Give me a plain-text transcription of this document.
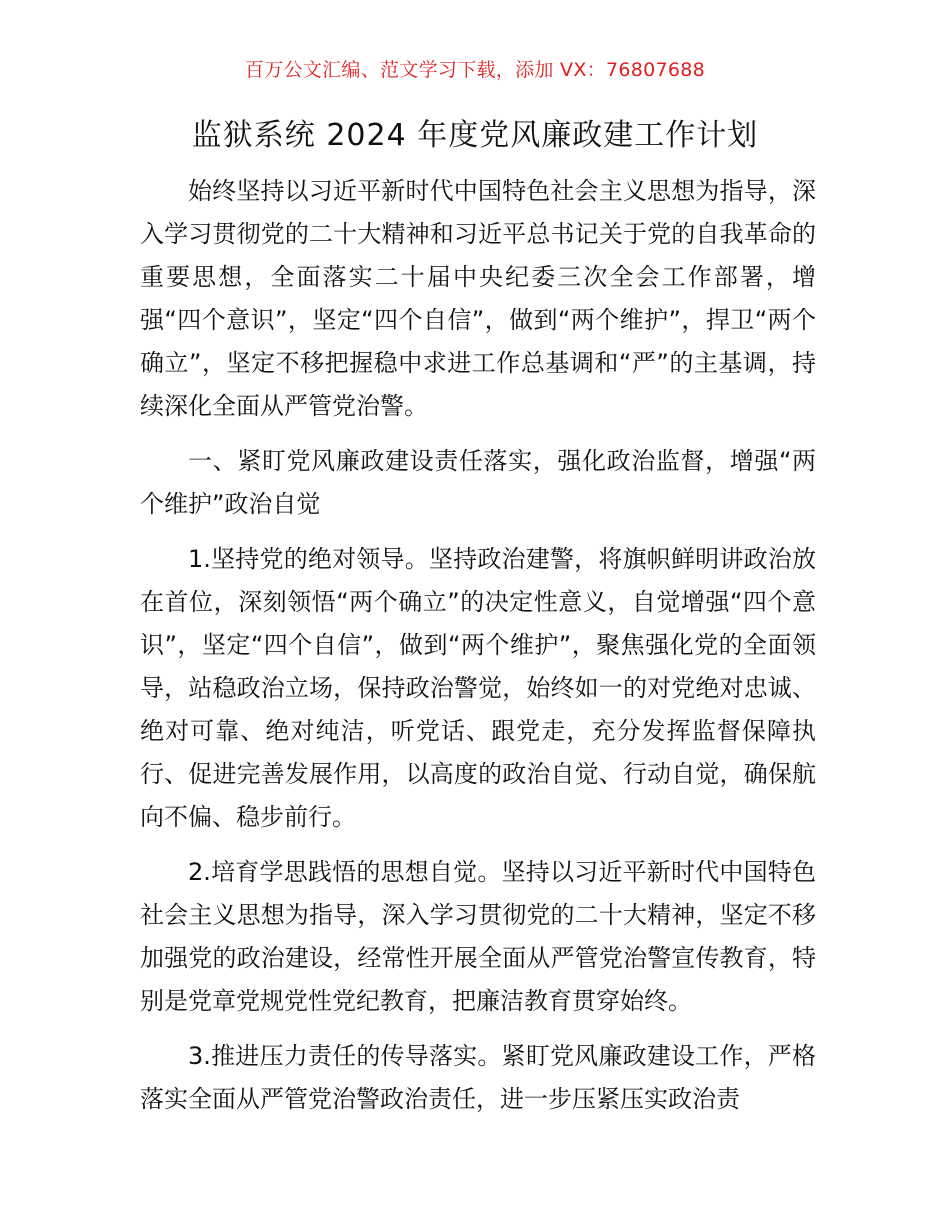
百万公文汇编、范文学习下载，添加 VX：76807688
监狱系统 2024 年度党风廉政建工作计划

始终坚持以习近平新时代中国特色社会主义思想为指导，深入学习贯彻党的二十大精神和习近平总书记关于党的自我革命的重要思想，全面落实二十届中央纪委三次全会工作部署，增强“四个意识”，坚定“四个自信”，做到“两个维护”，捍卫“两个确立”，坚定不移把握稳中求进工作总基调和“严”的主基调，持续深化全面从严管党治警。

一、紧盯党风廉政建设责任落实，强化政治监督，增强“两个维护”政治自觉

1.坚持党的绝对领导。坚持政治建警，将旗帜鲜明讲政治放在首位，深刻领悟“两个确立”的决定性意义，自觉增强“四个意识”，坚定“四个自信”，做到“两个维护”，聚焦强化党的全面领导，站稳政治立场，保持政治警觉，始终如一的对党绝对忠诚、绝对可靠、绝对纯洁，听党话、跟党走，充分发挥监督保障执行、促进完善发展作用，以高度的政治自觉、行动自觉，确保航向不偏、稳步前行。

2.培育学思践悟的思想自觉。坚持以习近平新时代中国特色社会主义思想为指导，深入学习贯彻党的二十大精神，坚定不移加强党的政治建设，经常性开展全面从严管党治警宣传教育，特别是党章党规党性党纪教育，把廉洁教育贯穿始终。

3.推进压力责任的传导落实。紧盯党风廉政建设工作，严格落实全面从严管党治警政治责任，进一步压紧压实政治责
